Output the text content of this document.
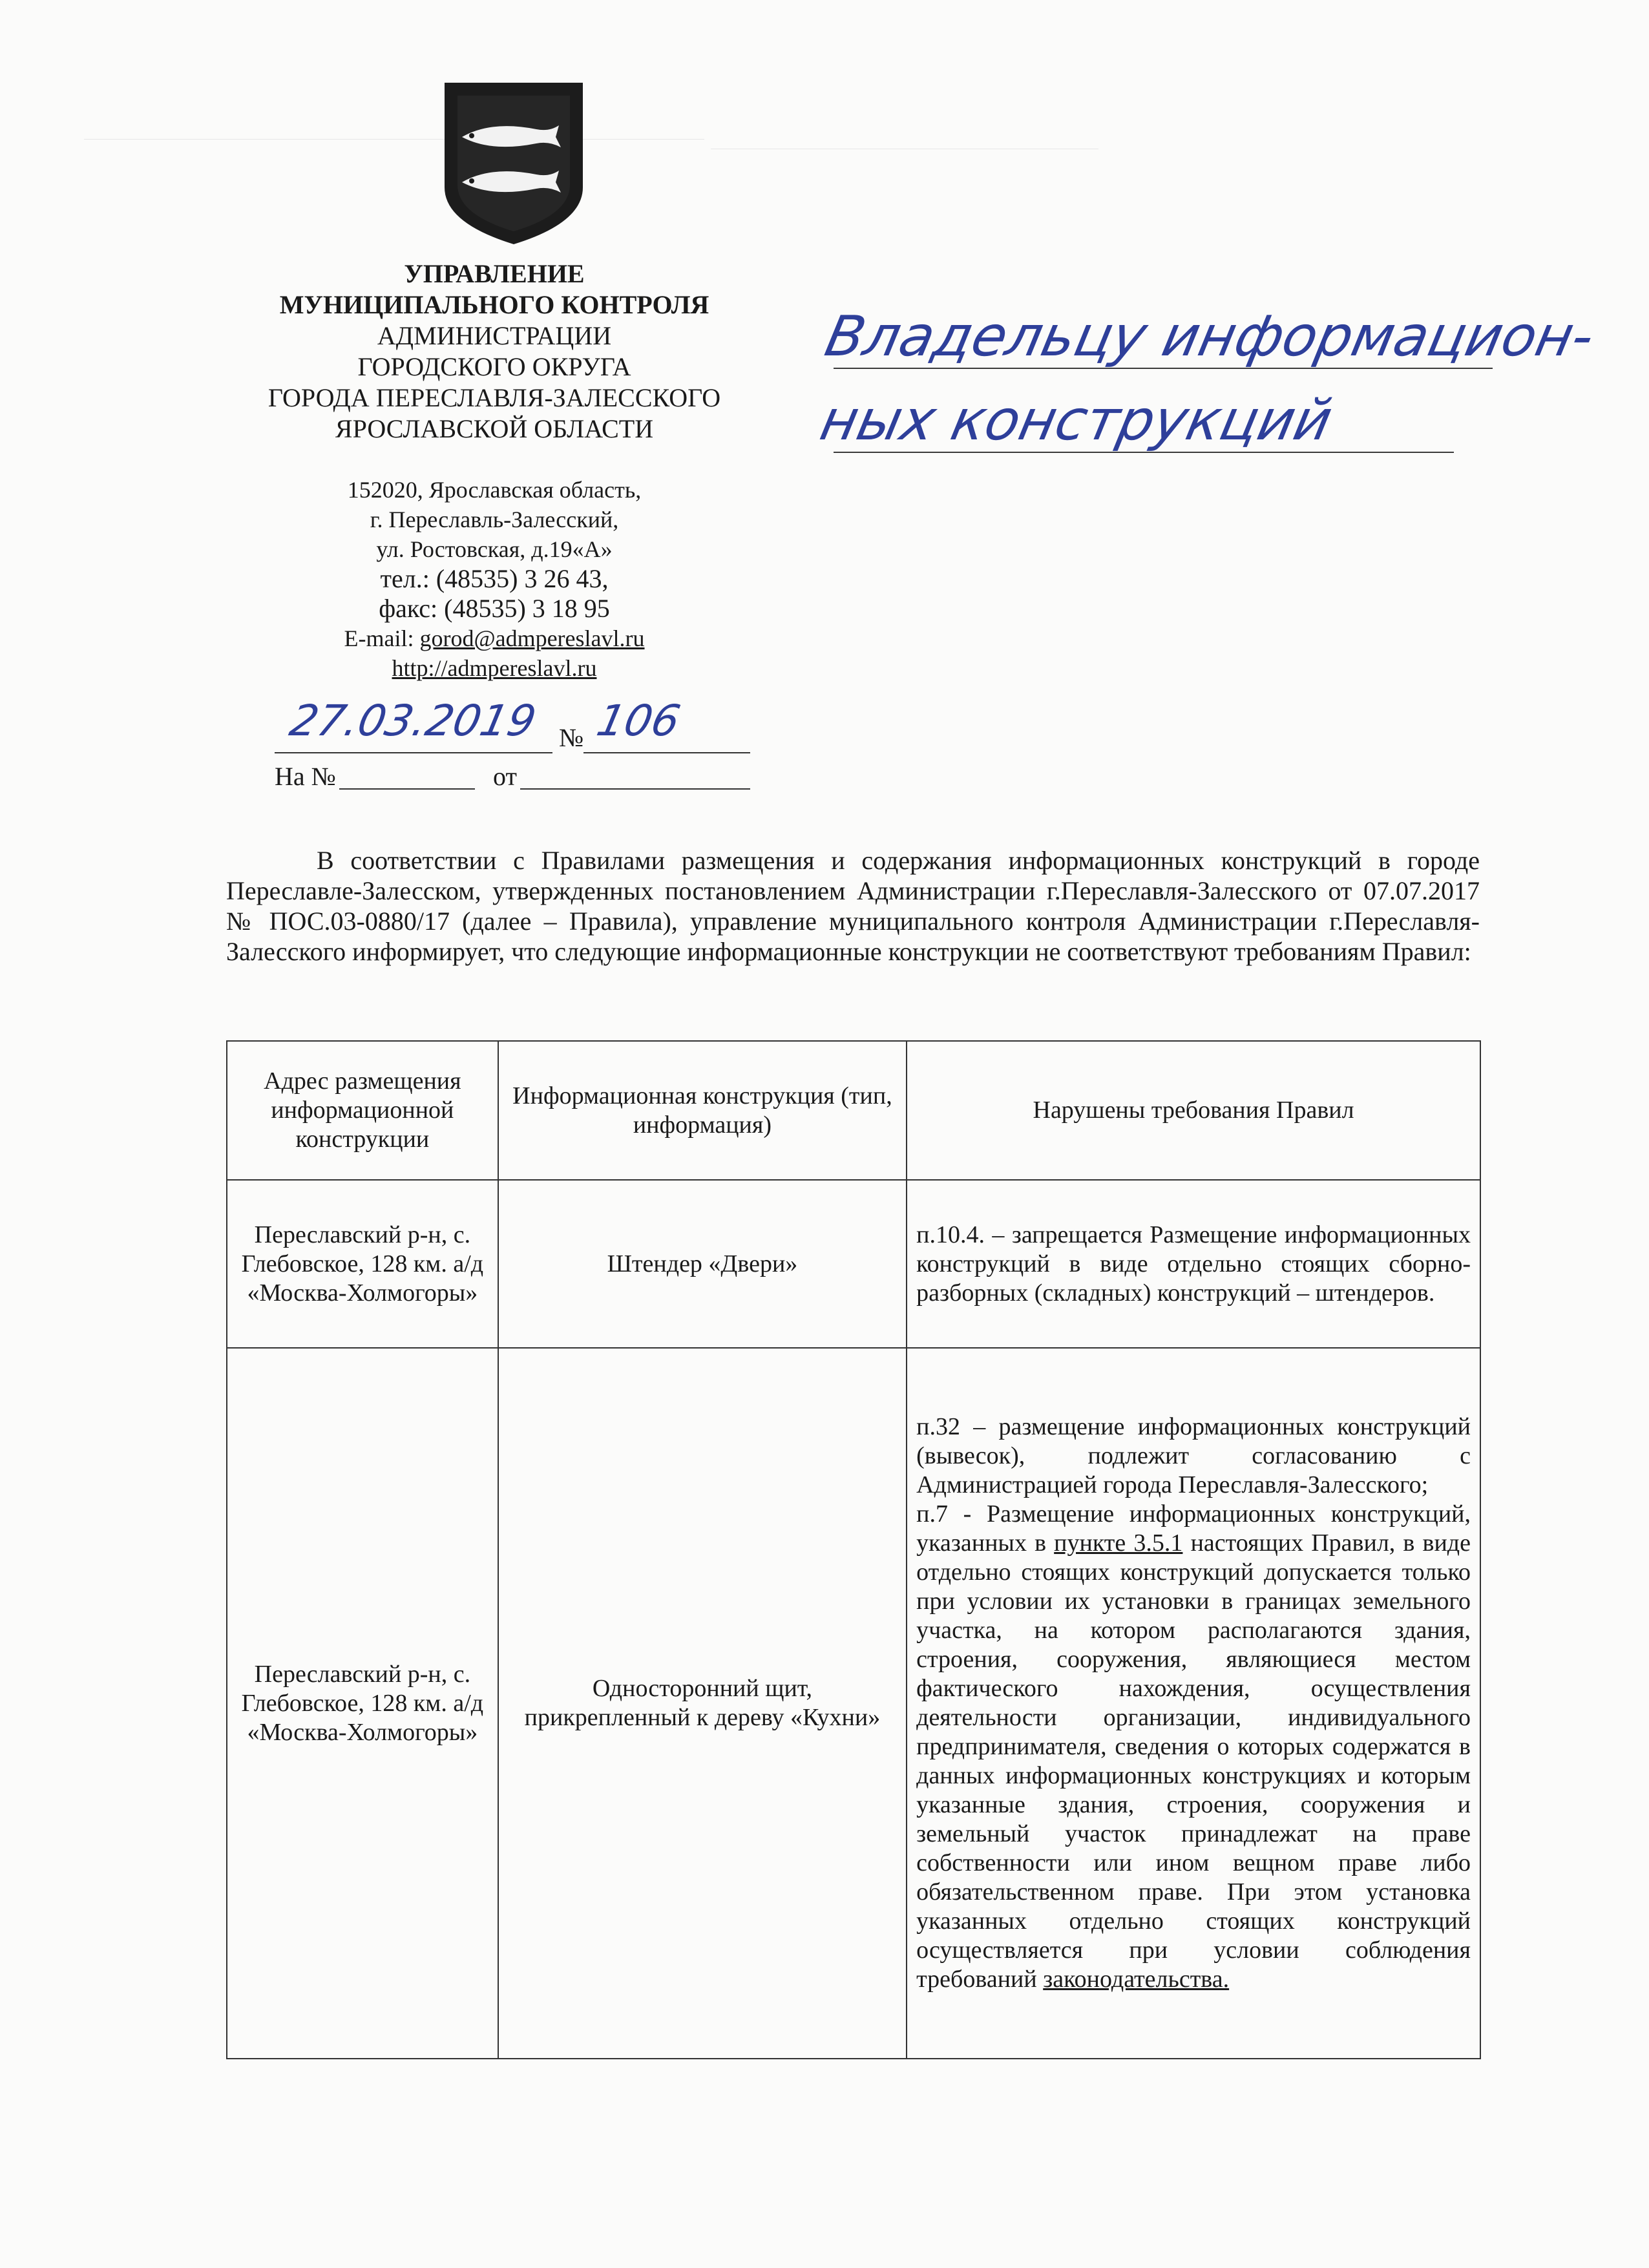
УПРАВЛЕНИЕ
МУНИЦИПАЛЬНОГО КОНТРОЛЯ
АДМИНИСТРАЦИИ
ГОРОДСКОГО ОКРУГА
ГОРОДА ПЕРЕСЛАВЛЯ-ЗАЛЕССКОГО
ЯРОСЛАВСКОЙ ОБЛАСТИ
152020, Ярославская область,
г. Переславль-Залесский,
ул. Ростовская, д.19«А»
тел.: (48535) 3 26 43,
факс: (48535) 3 18 95
E-mail: gorod@admpereslavl.ru
http://admpereslavl.ru
Владельцу информацион-
ных конструкций
27.03.2019 № 106
На №	от
В соответствии с Правилами размещения и содержания информационных конструкций в городе Переславле-Залесском, утвержденных постановлением Администрации г.Переславля-Залесского от 07.07.2017 № ПОС.03-0880/17 (далее – Правила), управление муниципального контроля Администрации г.Переславля-Залесского информирует, что следующие информационные конструкции не соответствуют требованиям Правил:
Адрес размещения информационной конструкции	Информационная конструкция (тип, информация)	Нарушены требования Правил
Переславский р-н, с. Глебовское, 128 км. а/д «Москва-Холмогоры»	Штендер «Двери»	п.10.4. – запрещается Размещение информационных конструкций в виде отдельно стоящих сборно-разборных (складных) конструкций – штендеров.
Переславский р-н, с. Глебовское, 128 км. а/д «Москва-Холмогоры»	Односторонний щит, прикрепленный к дереву «Кухни»	п.32 – размещение информационных конструкций (вывесок), подлежит согласованию с Администрацией города Переславля-Залесского;
п.7 - Размещение информационных конструкций, указанных в пункте 3.5.1 настоящих Правил, в виде отдельно стоящих конструкций допускается только при условии их установки в границах земельного участка, на котором располагаются здания, строения, сооружения, являющиеся местом фактического нахождения, осуществления деятельности организации, индивидуального предпринимателя, сведения о которых содержатся в данных информационных конструкциях и которым указанные здания, строения, сооружения и земельный участок принадлежат на праве собственности или ином вещном праве либо обязательственном праве. При этом установка указанных отдельно стоящих конструкций осуществляется при условии соблюдения требований законодательства.
